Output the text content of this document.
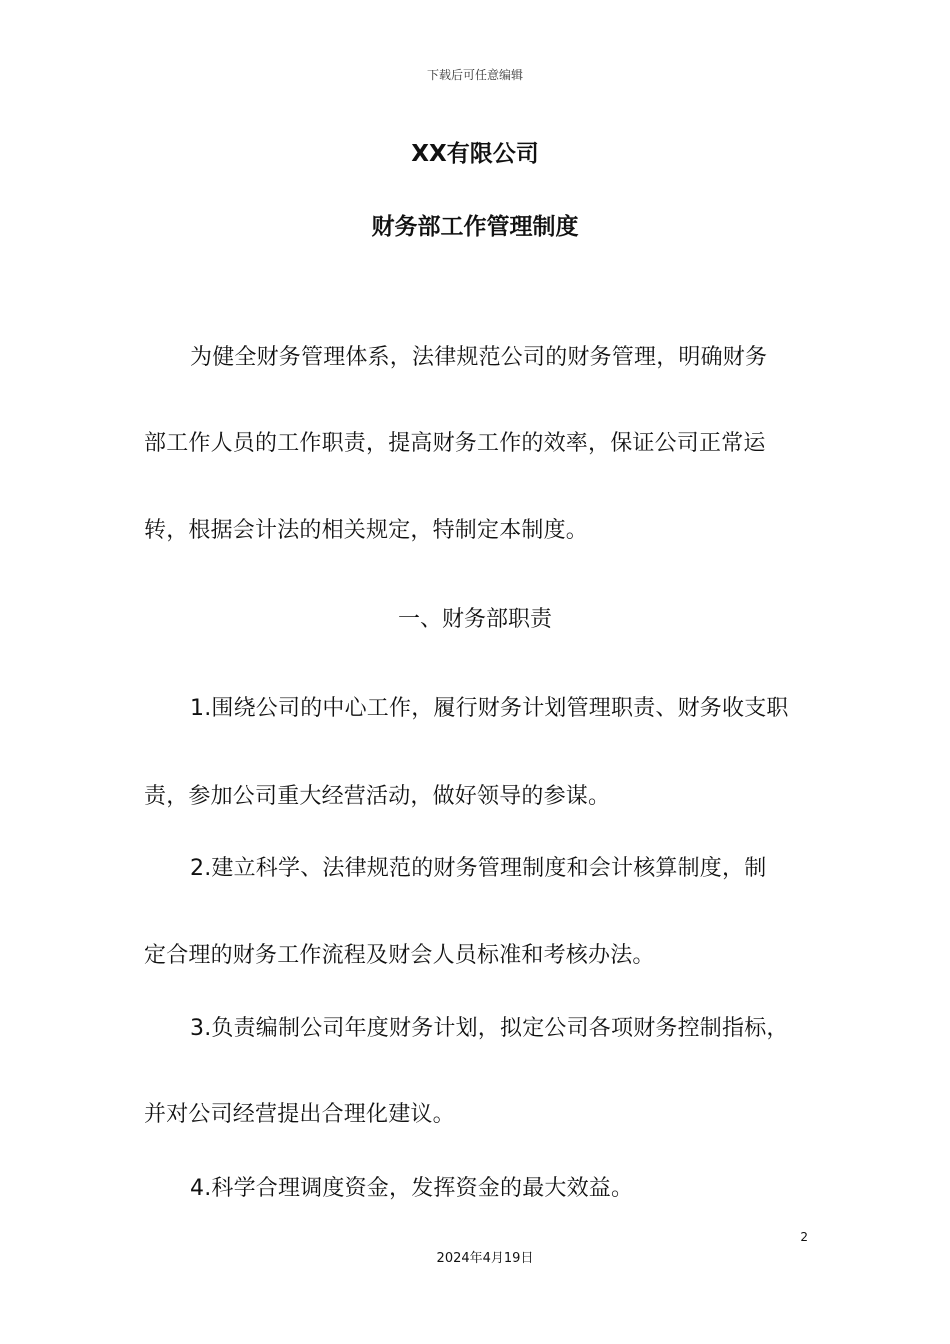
下载后可任意编辑
XX有限公司
财务部工作管理制度
为健全财务管理体系，法律规范公司的财务管理，明确财务
部工作人员的工作职责，提高财务工作的效率，保证公司正常运
转，根据会计法的相关规定，特制定本制度。
一、财务部职责
1.围绕公司的中心工作，履行财务计划管理职责、财务收支职
责，参加公司重大经营活动，做好领导的参谋。
2.建立科学、法律规范的财务管理制度和会计核算制度，制
定合理的财务工作流程及财会人员标准和考核办法。
3.负责编制公司年度财务计划，拟定公司各项财务控制指标，
并对公司经营提出合理化建议。
4.科学合理调度资金，发挥资金的最大效益。
2
2024年4月19日
